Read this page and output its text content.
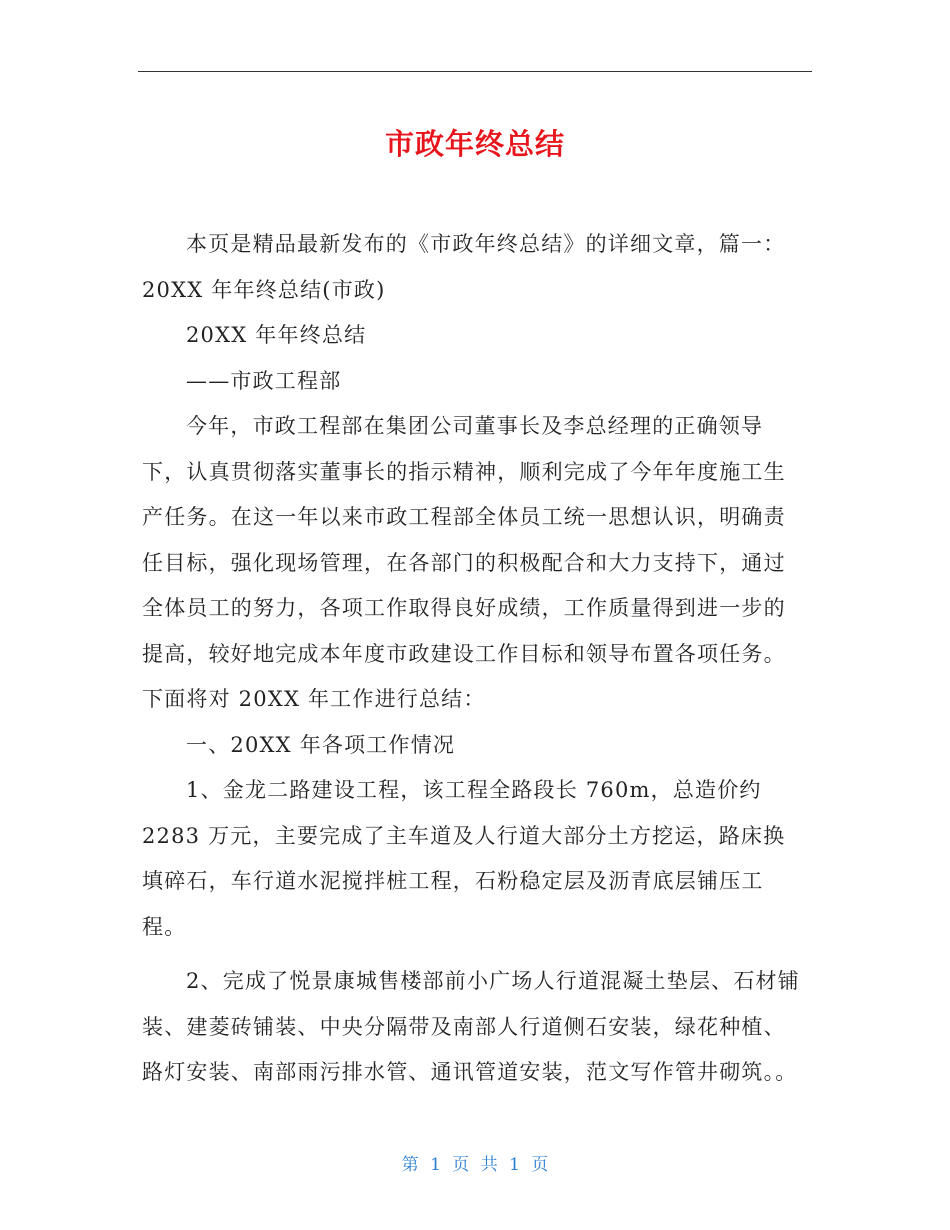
市政年终总结

本页是精品最新发布的《市政年终总结》的详细文章，篇一：20XX 年年终总结(市政)

20XX 年年终总结

——市政工程部

今年，市政工程部在集团公司董事长及李总经理的正确领导下，认真贯彻落实董事长的指示精神，顺利完成了今年年度施工生产任务。在这一年以来市政工程部全体员工统一思想认识，明确责任目标，强化现场管理，在各部门的积极配合和大力支持下，通过全体员工的努力，各项工作取得良好成绩，工作质量得到进一步的提高，较好地完成本年度市政建设工作目标和领导布置各项任务。下面将对 20XX 年工作进行总结：

一、20XX 年各项工作情况

1、金龙二路建设工程，该工程全路段长 760m，总造价约2283 万元，主要完成了主车道及人行道大部分土方挖运，路床换填碎石，车行道水泥搅拌桩工程，石粉稳定层及沥青底层铺压工程。

2、完成了悦景康城售楼部前小广场人行道混凝土垫层、石材铺装、建菱砖铺装、中央分隔带及南部人行道侧石安装，绿花种植、路灯安装、南部雨污排水管、通讯管道安装，范文写作管井砌筑。。

第 1 页 共 1 页
